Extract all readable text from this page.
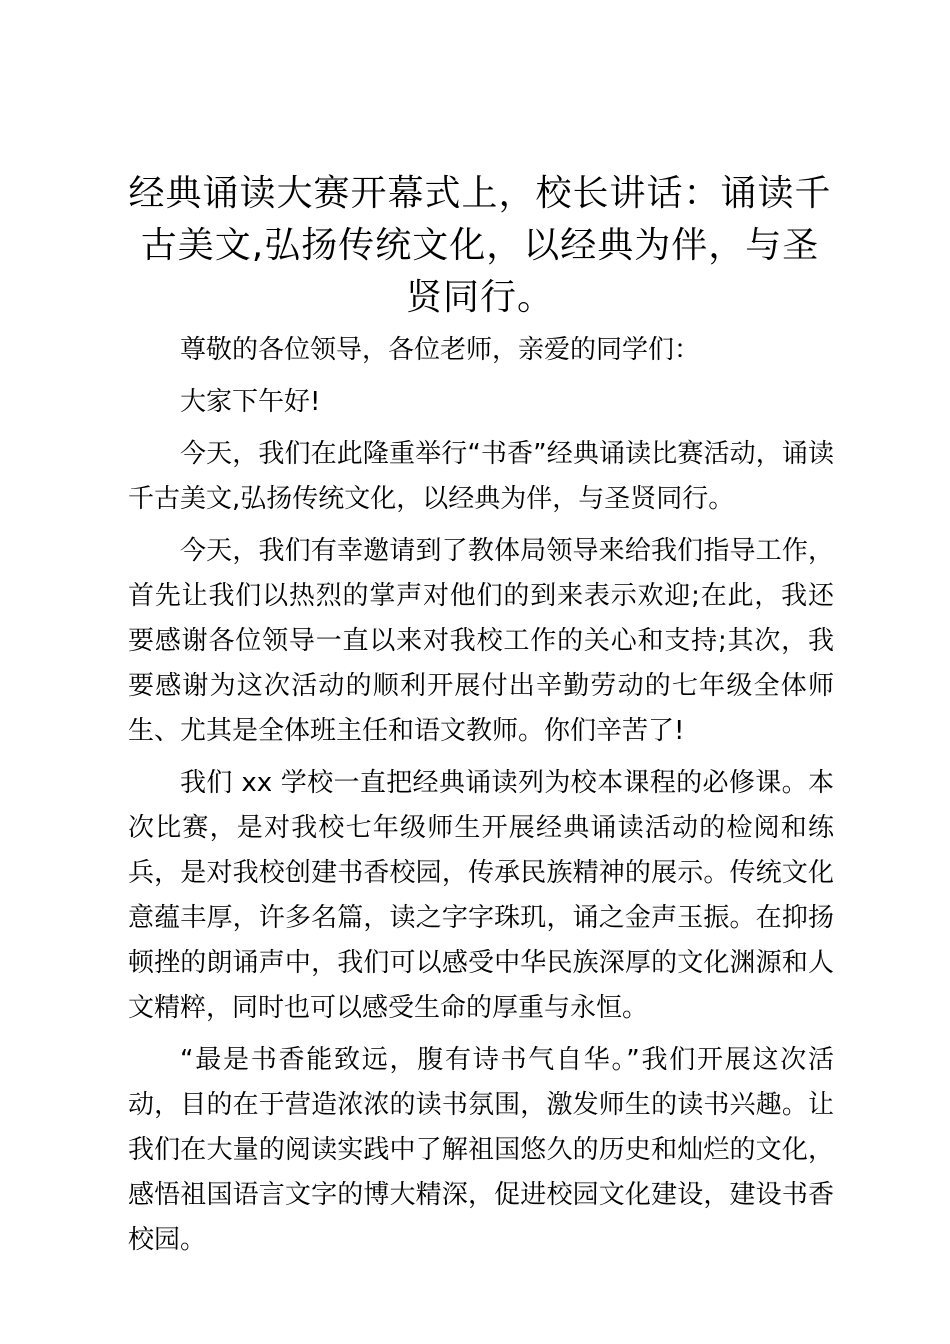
经典诵读大赛开幕式上，校长讲话：诵读千古美文,弘扬传统文化，以经典为伴，与圣贤同行。

尊敬的各位领导，各位老师，亲爱的同学们：

大家下午好!

今天，我们在此隆重举行“书香”经典诵读比赛活动，诵读千古美文,弘扬传统文化，以经典为伴，与圣贤同行。

今天，我们有幸邀请到了教体局领导来给我们指导工作，首先让我们以热烈的掌声对他们的到来表示欢迎;在此，我还要感谢各位领导一直以来对我校工作的关心和支持;其次，我要感谢为这次活动的顺利开展付出辛勤劳动的七年级全体师生、尤其是全体班主任和语文教师。你们辛苦了!

我们 xx 学校一直把经典诵读列为校本课程的必修课。本次比赛，是对我校七年级师生开展经典诵读活动的检阅和练兵，是对我校创建书香校园，传承民族精神的展示。传统文化意蕴丰厚，许多名篇，读之字字珠玑，诵之金声玉振。在抑扬顿挫的朗诵声中，我们可以感受中华民族深厚的文化渊源和人文精粹，同时也可以感受生命的厚重与永恒。

“最是书香能致远，腹有诗书气自华。”我们开展这次活动，目的在于营造浓浓的读书氛围，激发师生的读书兴趣。让我们在大量的阅读实践中了解祖国悠久的历史和灿烂的文化，感悟祖国语言文字的博大精深，促进校园文化建设，建设书香校园。
